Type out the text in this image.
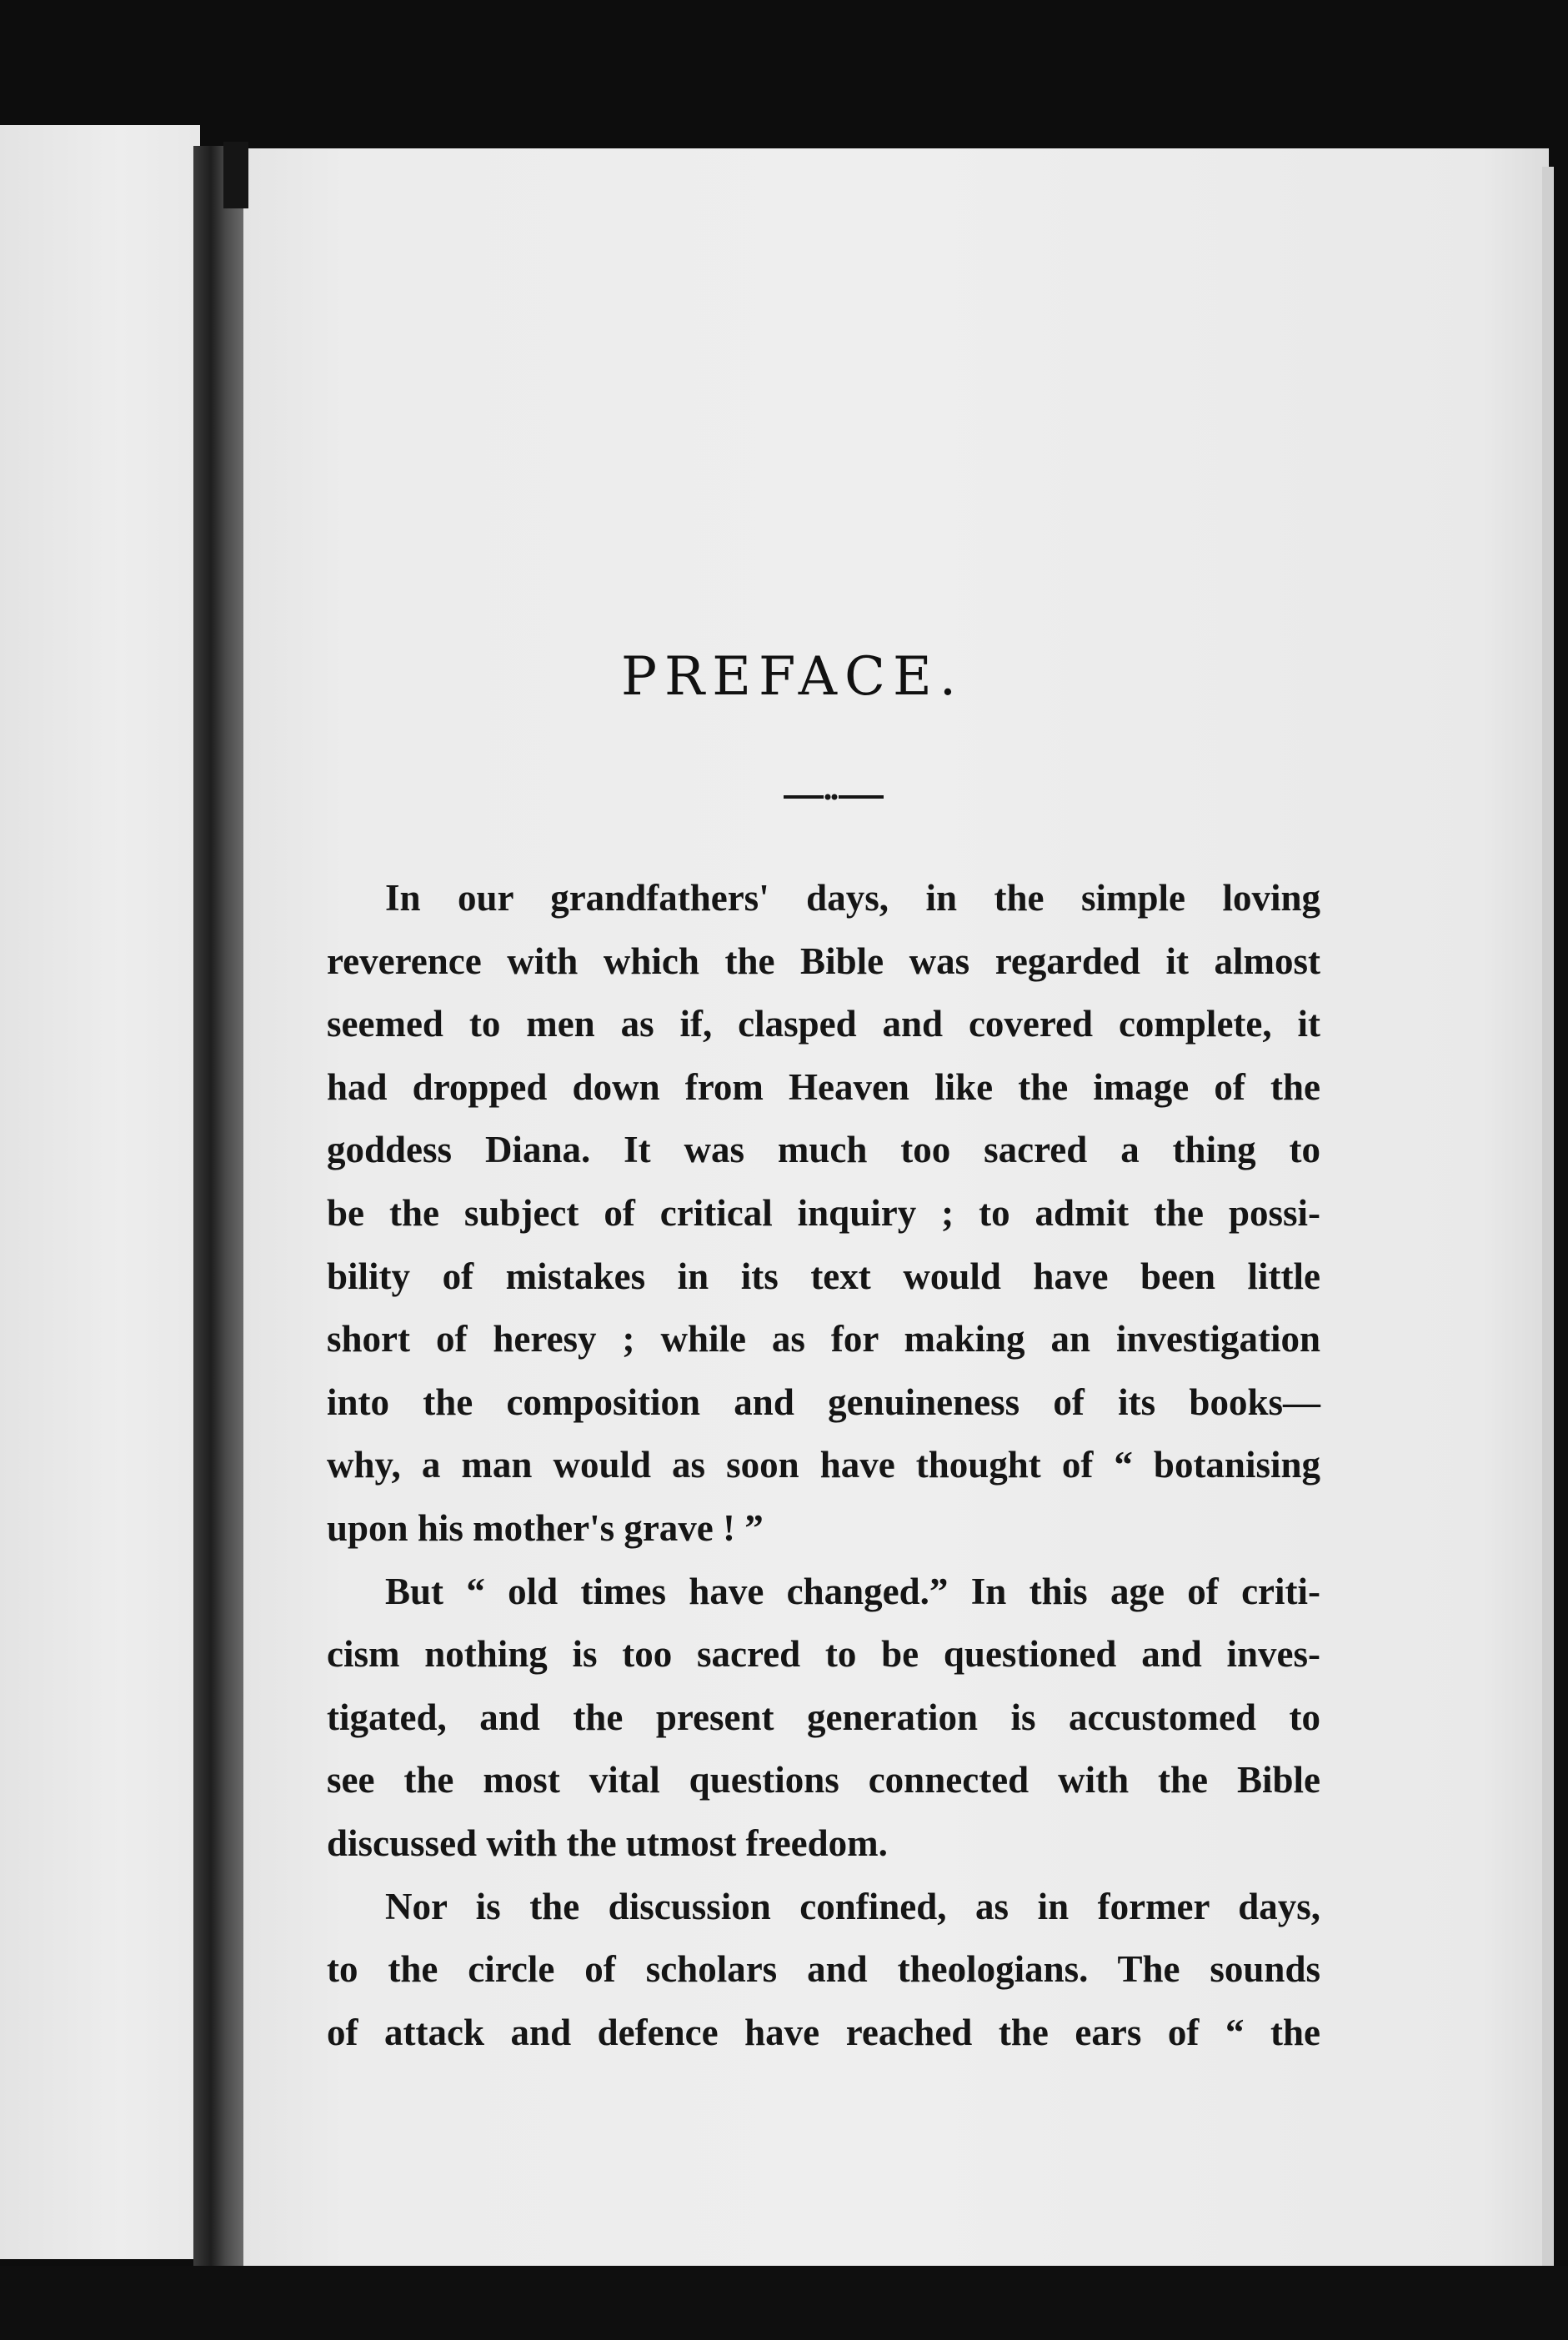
PREFACE.
In our grandfathers' days, in the simple loving
reverence with which the Bible was regarded it almost
seemed to men as if, clasped and covered complete, it
had dropped down from Heaven like the image of the
goddess Diana. It was much too sacred a thing to
be the subject of critical inquiry ; to admit the possi-
bility of mistakes in its text would have been little
short of heresy ; while as for making an investigation
into the composition and genuineness of its books—
why, a man would as soon have thought of “ botanising
upon his mother's grave ! ”
But “ old times have changed.” In this age of criti-
cism nothing is too sacred to be questioned and inves-
tigated, and the present generation is accustomed to
see the most vital questions connected with the Bible
discussed with the utmost freedom.
Nor is the discussion confined, as in former days,
to the circle of scholars and theologians. The sounds
of attack and defence have reached the ears of “ the
